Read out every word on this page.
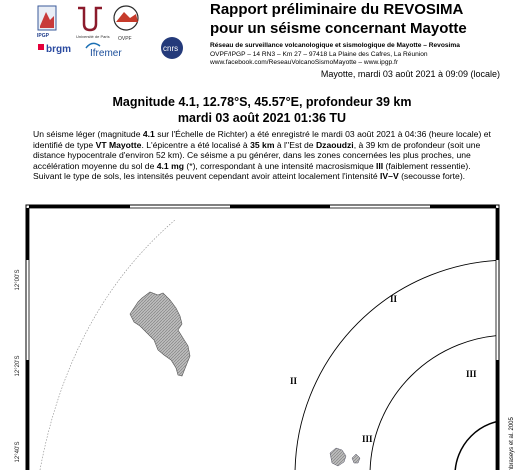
IPGP	Université de Paris OVPF
brgm Ifremer	cnrs
Rapport préliminaire du REVOSIMA
pour un séisme concernant Mayotte
Réseau de surveillance volcanologique et sismologique de Mayotte – Revosima
OVPF/IPGP – 14 RN3 – Km 27 – 97418 La Plaine des Cafres, La Réunion
www.facebook.com/ReseauVolcanoSismoMayotte – www.ipgp.fr
Mayotte, mardi 03 août 2021 à 09:09 (locale)
Magnitude 4.1, 12.78°S, 45.57°E, profondeur 39 km
mardi 03 août 2021 01:36 TU
Un séisme léger (magnitude 4.1 sur l'Échelle de Richter) a été enregistré le mardi 03 août 2021 à 04:36 (heure locale) et identifié de type VT Mayotte. L'épicentre a été localisé à 35 km à l''Est de Dzaoudzi, à 39 km de profondeur (soit une distance hypocentrale d'environ 52 km). Ce séisme a pu générer, dans les zones concernées les plus proches, une accélération moyenne du sol de 4.1 mg (*), correspondant à une intensité macrosismique III (faiblement ressentie). Suivant le type de sols, les intensités peuvent cependant avoir atteint localement l'intensité IV–V (secousse forte).
12°00'S
12°20'S
12°40'S
II
II
III
III	mbraseys et al. 2005
